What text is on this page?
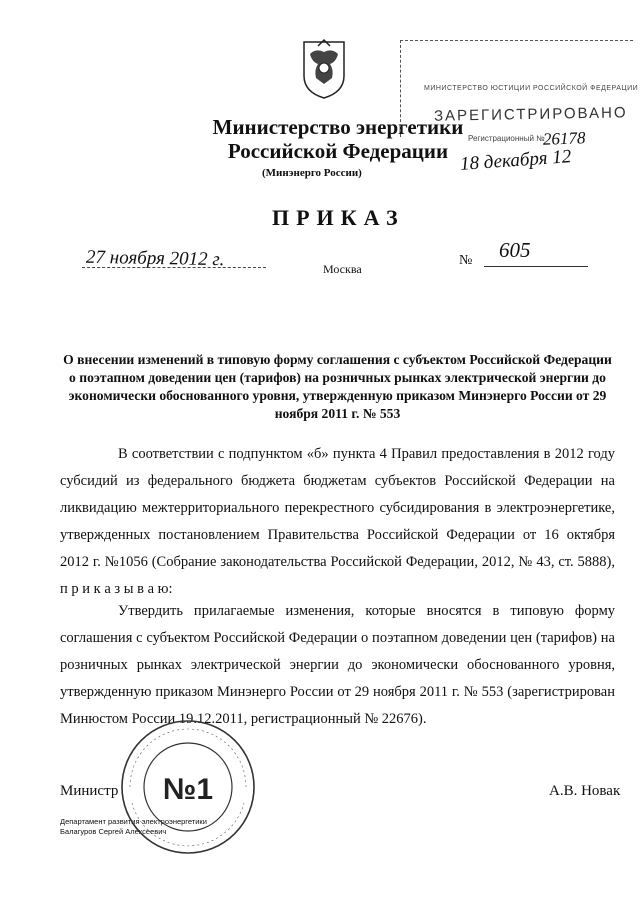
Министерство энергетики
Российской Федерации
(Минэнерго России)
МИНИСТЕРСТВО ЮСТИЦИИ РОССИЙСКОЙ ФЕДЕРАЦИИ
ЗАРЕГИСТРИРОВАНО
Регистрационный №
26178
18 декабря 12
ПРИКАЗ
27 ноября 2012 г.	№ 605
Москва
О внесении изменений в типовую форму соглашения с субъектом Российской Федерации о поэтапном доведении цен (тарифов) на розничных рынках электрической энергии до экономически обоснованного уровня, утвержденную приказом Минэнерго России от 29 ноября 2011 г. № 553
В соответствии с подпунктом «б» пункта 4 Правил предоставления в 2012 году субсидий из федерального бюджета бюджетам субъектов Российской Федерации на ликвидацию межтерриториального перекрестного субсидирования в электроэнергетике, утвержденных постановлением Правительства Российской Федерации от 16 октября 2012 г. №1056 (Собрание законодательства Российской Федерации, 2012, № 43, ст. 5888), п р и к а з ы в а ю:
Утвердить прилагаемые изменения, которые вносятся в типовую форму соглашения с субъектом Российской Федерации о поэтапном доведении цен (тарифов) на розничных рынках электрической энергии до экономически обоснованного уровня, утвержденную приказом Минэнерго России от 29 ноября 2011 г. № 553 (зарегистрирован Минюстом России 19.12.2011, регистрационный № 22676).
Министр	А.В. Новак
Департамент развития электроэнергетики
Балагуров Сергей Алексеевич
№1
